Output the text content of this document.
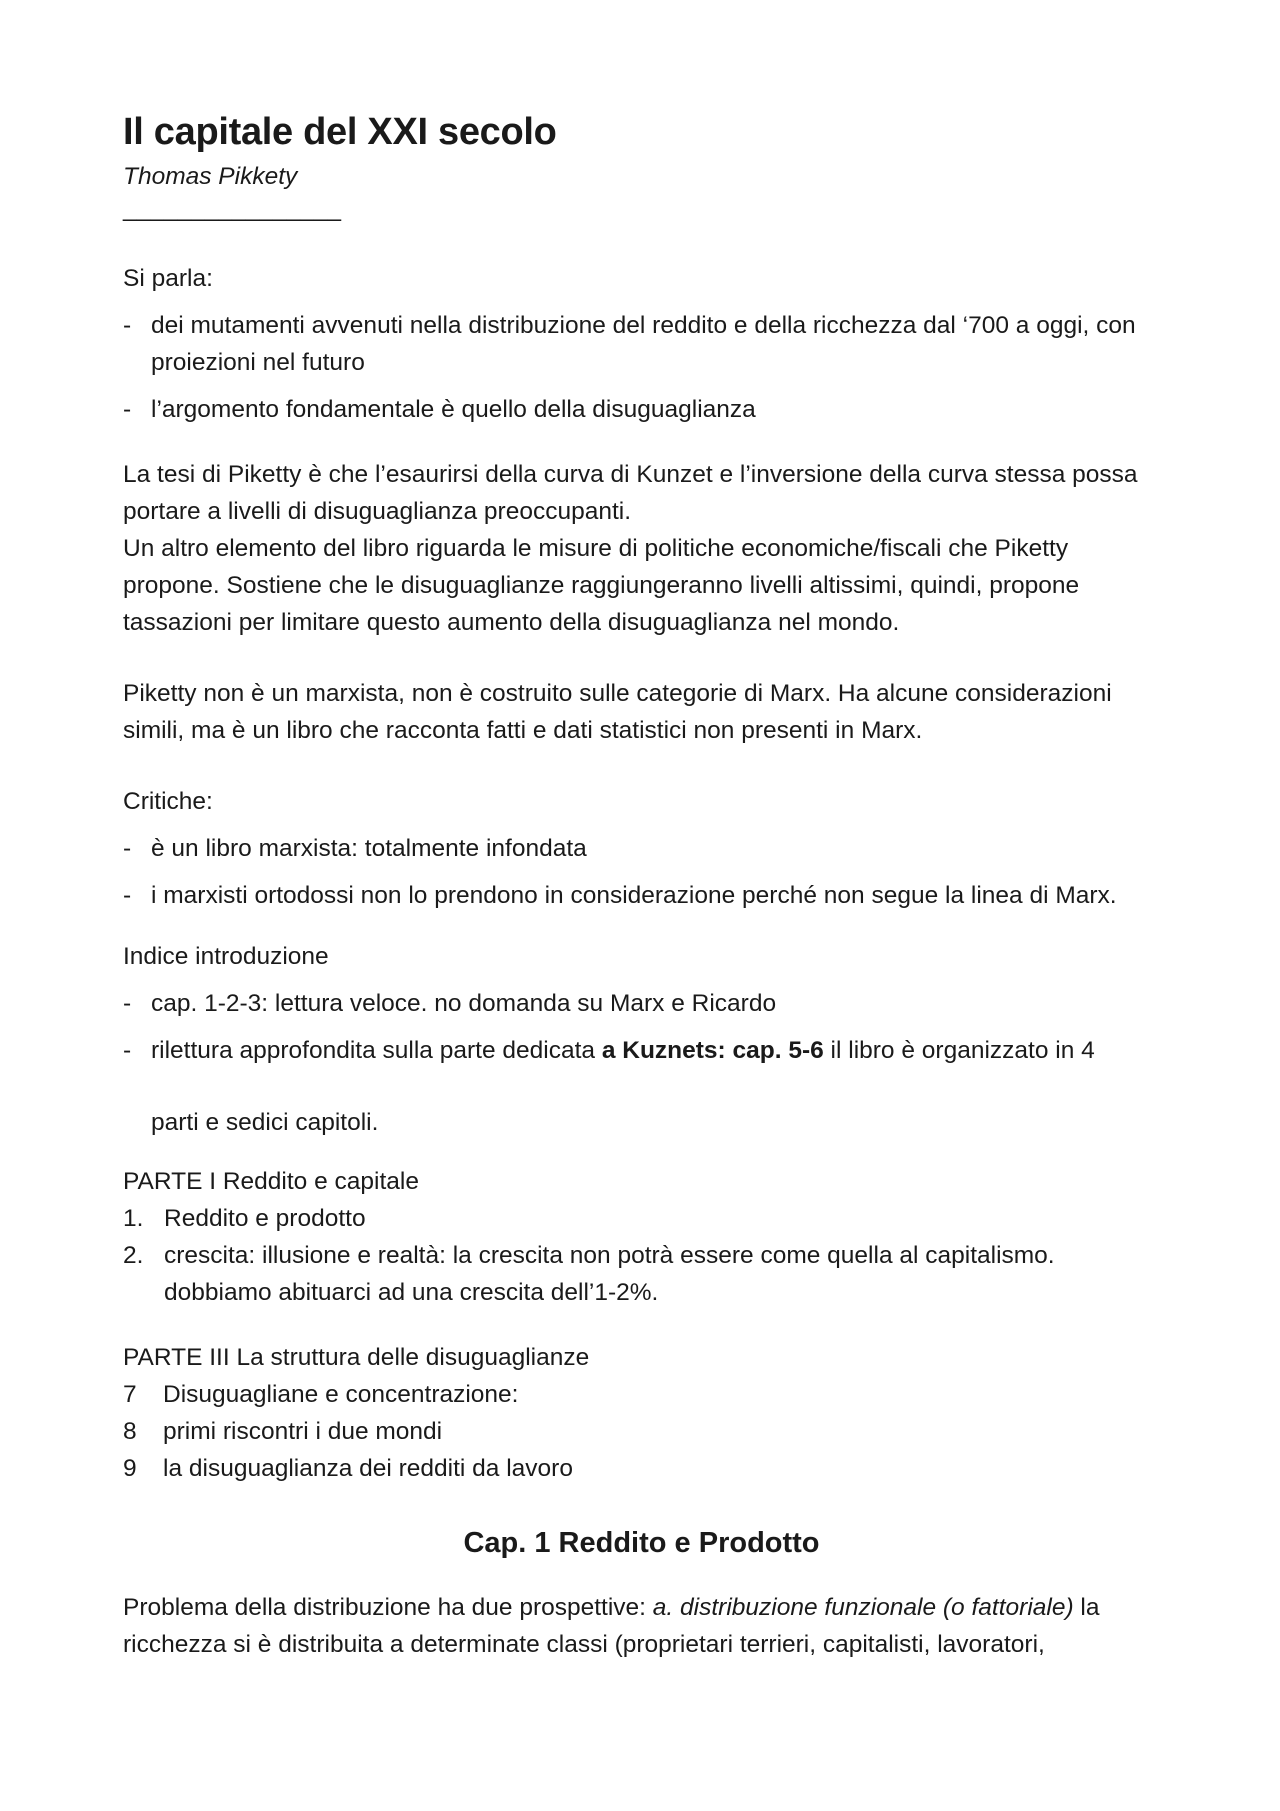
Il capitale del XXI secolo

Thomas Pikkety

________________

Si parla:

- dei mutamenti avvenuti nella distribuzione del reddito e della ricchezza dal ‘700 a oggi, con proiezioni nel futuro
- l’argomento fondamentale è quello della disuguaglianza

La tesi di Piketty è che l’esaurirsi della curva di Kunzet e l’inversione della curva stessa possa portare a livelli di disuguaglianza preoccupanti.

Un altro elemento del libro riguarda le misure di politiche economiche/fiscali che Piketty propone. Sostiene che le disuguaglianze raggiungeranno livelli altissimi, quindi, propone tassazioni per limitare questo aumento della disuguaglianza nel mondo.

Piketty non è un marxista, non è costruito sulle categorie di Marx. Ha alcune considerazioni simili, ma è un libro che racconta fatti e dati statistici non presenti in Marx.

Critiche:

- è un libro marxista: totalmente infondata
- i marxisti ortodossi non lo prendono in considerazione perché non segue la linea di Marx.

Indice introduzione

- cap. 1-2-3: lettura veloce. no domanda su Marx e Ricardo
- rilettura approfondita sulla parte dedicata a Kuznets: cap. 5-6 il libro è organizzato in 4
parti e sedici capitoli.

PARTE I Reddito e capitale

1. Reddito e prodotto
2. crescita: illusione e realtà: la crescita non potrà essere come quella al capitalismo. dobbiamo abituarci ad una crescita dell’1-2%.

PARTE III La struttura delle disuguaglianze

7 Disuguagliane e concentrazione:
8 primi riscontri i due mondi
9 la disuguaglianza dei redditi da lavoro
Cap. 1 Reddito e Prodotto

Problema della distribuzione ha due prospettive: a. distribuzione funzionale (o fattoriale) la ricchezza si è distribuita a determinate classi (proprietari terrieri, capitalisti, lavoratori,
